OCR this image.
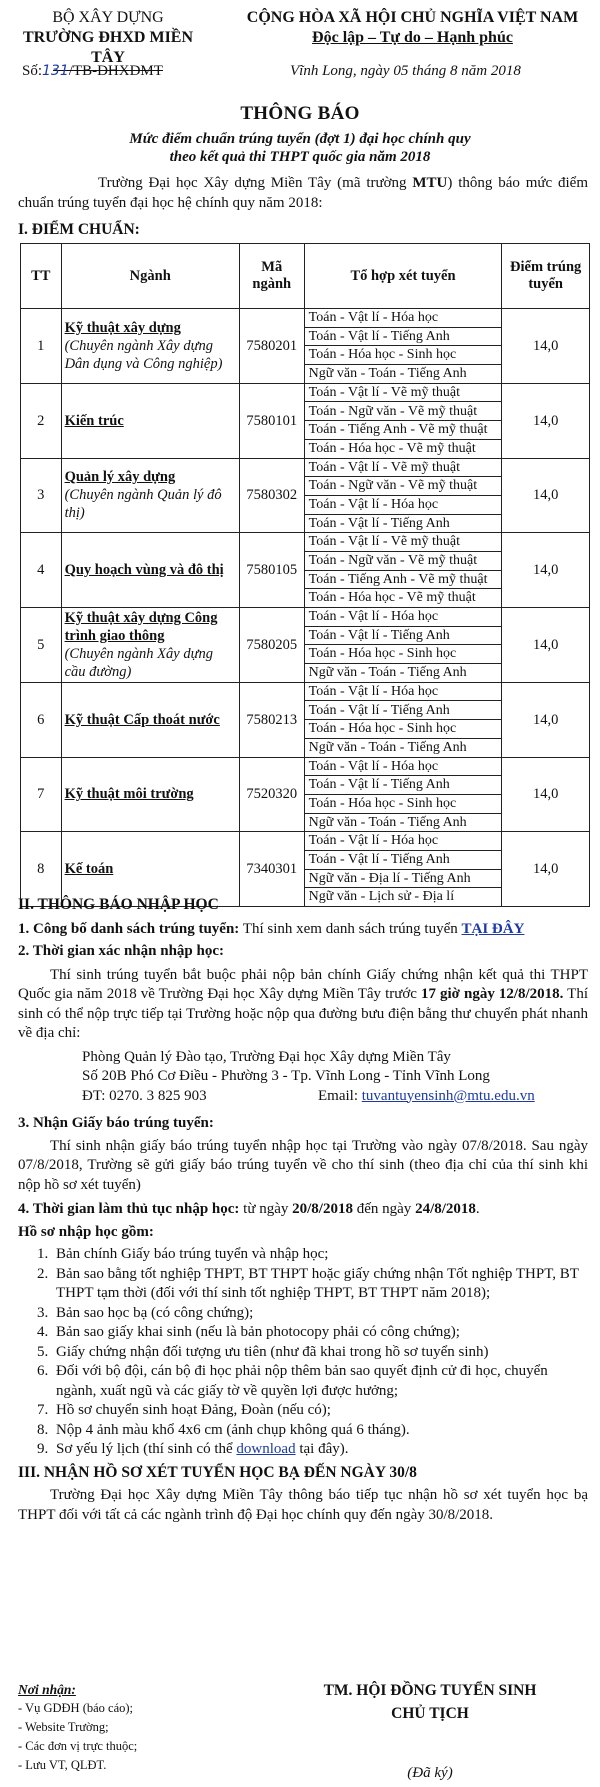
BỘ XÂY DỰNG
TRƯỜNG ĐHXD MIỀN TÂY
CỘNG HÒA XÃ HỘI CHỦ NGHĨA VIỆT NAM
Độc lập – Tự do – Hạnh phúc
Số:131/TB-ĐHXDMT	Vĩnh Long, ngày 05 tháng 8 năm 2018
THÔNG BÁO
Mức điểm chuẩn trúng tuyển (đợt 1) đại học chính quy
theo kết quả thi THPT quốc gia năm 2018
Trường Đại học Xây dựng Miền Tây (mã trường MTU) thông báo mức điểm chuẩn trúng tuyển đại học hệ chính quy năm 2018:
I. ĐIỂM CHUẨN:
TT	Ngành	Mã ngành	Tổ hợp xét tuyển	Điểm trúng tuyển
1	Kỹ thuật xây dựng
(Chuyên ngành Xây dựng Dân dụng và Công nghiệp)	7580201	Toán - Vật lí - Hóa học	14,0
			Toán - Vật lí - Tiếng Anh	
			Toán - Hóa học - Sinh học	
			Ngữ văn - Toán - Tiếng Anh	
2	Kiến trúc	7580101	Toán - Vật lí - Vẽ mỹ thuật	14,0
			Toán - Ngữ văn - Vẽ mỹ thuật	
			Toán - Tiếng Anh - Vẽ mỹ thuật	
			Toán - Hóa học - Vẽ mỹ thuật	
3	Quản lý xây dựng
(Chuyên ngành Quản lý đô thị)	7580302	Toán - Vật lí - Vẽ mỹ thuật	14,0
			Toán - Ngữ văn - Vẽ mỹ thuật	
			Toán - Vật lí - Hóa học	
			Toán - Vật lí - Tiếng Anh	
4	Quy hoạch vùng và đô thị	7580105	Toán - Vật lí - Vẽ mỹ thuật	14,0
			Toán - Ngữ văn - Vẽ mỹ thuật	
			Toán - Tiếng Anh - Vẽ mỹ thuật	
			Toán - Hóa học - Vẽ mỹ thuật	
5	Kỹ thuật xây dựng Công trình giao thông
(Chuyên ngành Xây dựng cầu đường)	7580205	Toán - Vật lí - Hóa học	14,0
			Toán - Vật lí - Tiếng Anh	
			Toán - Hóa học - Sinh học	
			Ngữ văn - Toán - Tiếng Anh	
6	Kỹ thuật Cấp thoát nước	7580213	Toán - Vật lí - Hóa học	14,0
			Toán - Vật lí - Tiếng Anh	
			Toán - Hóa học - Sinh học	
			Ngữ văn - Toán - Tiếng Anh	
7	Kỹ thuật môi trường	7520320	Toán - Vật lí - Hóa học	14,0
			Toán - Vật lí - Tiếng Anh	
			Toán - Hóa học - Sinh học	
			Ngữ văn - Toán - Tiếng Anh	
8	Kế toán	7340301	Toán - Vật lí - Hóa học	14,0
			Toán - Vật lí - Tiếng Anh	
			Ngữ văn - Địa lí - Tiếng Anh	
			Ngữ văn - Lịch sử - Địa lí	
II. THÔNG BÁO NHẬP HỌC
1. Công bố danh sách trúng tuyển: Thí sinh xem danh sách trúng tuyển TẠI ĐÂY
2. Thời gian xác nhận nhập học:
Thí sinh trúng tuyển bắt buộc phải nộp bản chính Giấy chứng nhận kết quả thi THPT Quốc gia năm 2018 về Trường Đại học Xây dựng Miền Tây trước 17 giờ ngày 12/8/2018. Thí sinh có thể nộp trực tiếp tại Trường hoặc nộp qua đường bưu điện bằng thư chuyển phát nhanh về địa chỉ:
Phòng Quản lý Đào tạo, Trường Đại học Xây dựng Miền Tây
Số 20B Phó Cơ Điều - Phường 3 - Tp. Vĩnh Long - Tỉnh Vĩnh Long
ĐT: 0270. 3 825 903	Email: tuvantuyensinh@mtu.edu.vn
3. Nhận Giấy báo trúng tuyển:
Thí sinh nhận giấy báo trúng tuyển nhập học tại Trường vào ngày 07/8/2018. Sau ngày 07/8/2018, Trường sẽ gửi giấy báo trúng tuyển về cho thí sinh (theo địa chỉ của thí sinh khi nộp hồ sơ xét tuyển)
4. Thời gian làm thủ tục nhập học: từ ngày 20/8/2018 đến ngày 24/8/2018.
Hồ sơ nhập học gồm:
1. Bản chính Giấy báo trúng tuyển và nhập học;
2. Bản sao bằng tốt nghiệp THPT, BT THPT hoặc giấy chứng nhận Tốt nghiệp THPT, BT THPT tạm thời (đối với thí sinh tốt nghiệp THPT, BT THPT năm 2018);
3. Bản sao học bạ (có công chứng);
4. Bản sao giấy khai sinh (nếu là bản photocopy phải có công chứng);
5. Giấy chứng nhận đối tượng ưu tiên (như đã khai trong hồ sơ tuyển sinh)
6. Đối với bộ đội, cán bộ đi học phải nộp thêm bản sao quyết định cử đi học, chuyển ngành, xuất ngũ và các giấy tờ về quyền lợi được hưởng;
7. Hồ sơ chuyển sinh hoạt Đảng, Đoàn (nếu có);
8. Nộp 4 ảnh màu khổ 4x6 cm (ảnh chụp không quá 6 tháng).
9. Sơ yếu lý lịch (thí sinh có thể download tại đây).
III. NHẬN HỒ SƠ XÉT TUYỂN HỌC BẠ ĐẾN NGÀY 30/8
Trường Đại học Xây dựng Miền Tây thông báo tiếp tục nhận hồ sơ xét tuyển học bạ THPT đối với tất cả các ngành trình độ Đại học chính quy đến ngày 30/8/2018.
Nơi nhận:
- Vụ GDĐH (báo cáo);
- Website Trường;
- Các đơn vị trực thuộc;
- Lưu VT, QLĐT.
TM. HỘI ĐỒNG TUYỂN SINH
CHỦ TỊCH
(Đã ký)
